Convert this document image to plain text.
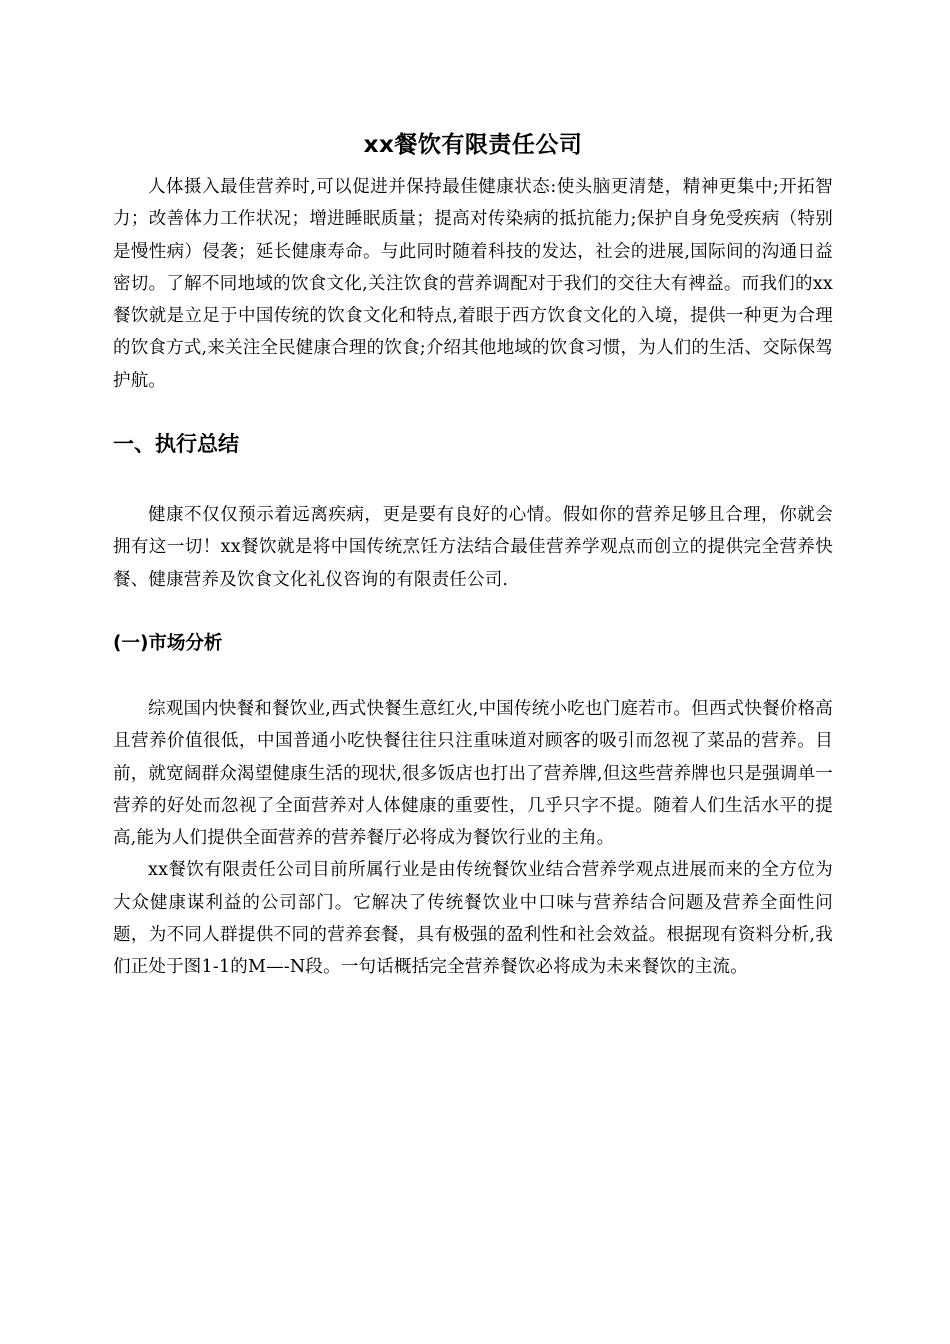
xx餐饮有限责任公司

人体摄入最佳营养时,可以促进并保持最佳健康状态:使头脑更清楚，精神更集中;开拓智力；改善体力工作状况；增进睡眠质量；提高对传染病的抵抗能力;保护自身免受疾病（特别是慢性病）侵袭；延长健康寿命。与此同时随着科技的发达，社会的进展,国际间的沟通日益密切。了解不同地域的饮食文化,关注饮食的营养调配对于我们的交往大有裨益。而我们的xx餐饮就是立足于中国传统的饮食文化和特点,着眼于西方饮食文化的入境，提供一种更为合理的饮食方式,来关注全民健康合理的饮食;介绍其他地域的饮食习惯，为人们的生活、交际保驾护航。

一、执行总结

健康不仅仅预示着远离疾病，更是要有良好的心情。假如你的营养足够且合理，你就会拥有这一切！xx餐饮就是将中国传统烹饪方法结合最佳营养学观点而创立的提供完全营养快餐、健康营养及饮食文化礼仪咨询的有限责任公司.

(一)市场分析

综观国内快餐和餐饮业,西式快餐生意红火,中国传统小吃也门庭若市。但西式快餐价格高且营养价值很低，中国普通小吃快餐往往只注重味道对顾客的吸引而忽视了菜品的营养。目前，就宽阔群众渴望健康生活的现状,很多饭店也打出了营养牌,但这些营养牌也只是强调单一营养的好处而忽视了全面营养对人体健康的重要性，几乎只字不提。随着人们生活水平的提高,能为人们提供全面营养的营养餐厅必将成为餐饮行业的主角。

xx餐饮有限责任公司目前所属行业是由传统餐饮业结合营养学观点进展而来的全方位为大众健康谋利益的公司部门。它解决了传统餐饮业中口味与营养结合问题及营养全面性问题，为不同人群提供不同的营养套餐，具有极强的盈利性和社会效益。根据现有资料分析,我们正处于图1-1的M—-N段。一句话概括完全营养餐饮必将成为未来餐饮的主流。
